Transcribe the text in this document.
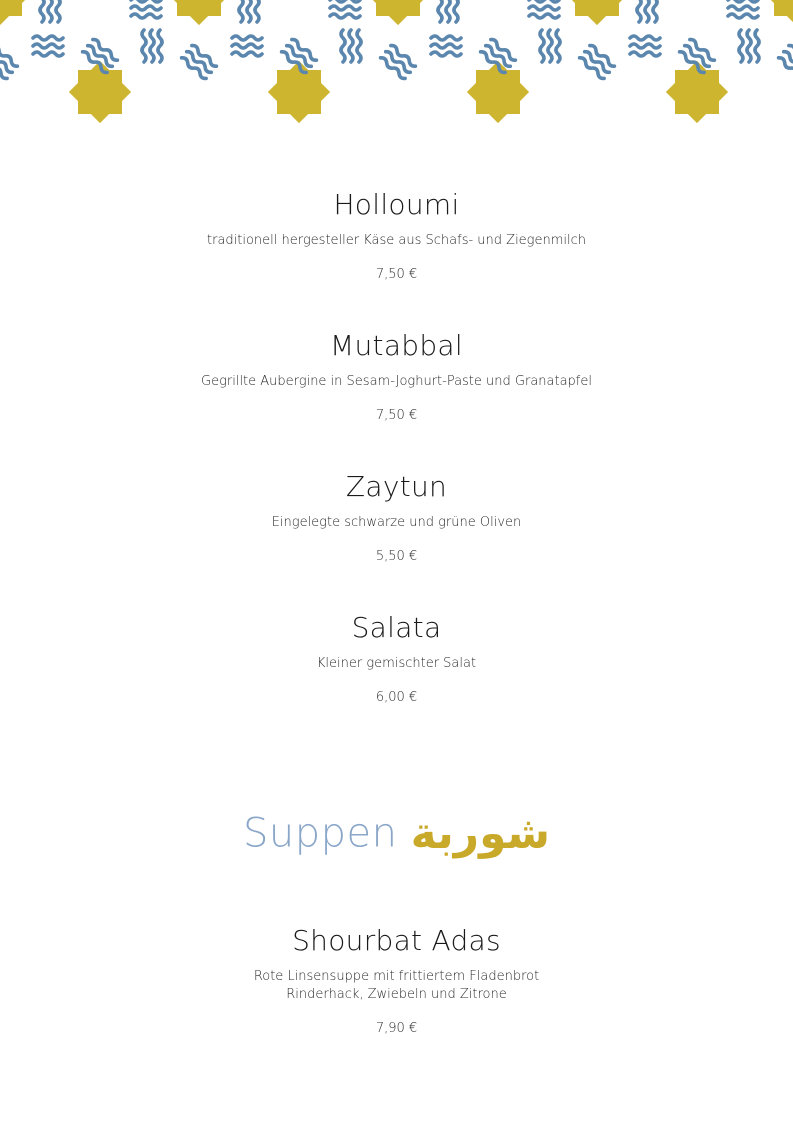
Holloumi
traditionell hergesteller Käse aus Schafs- und Ziegenmilch
7,50 €
Mutabbal
Gegrillte Aubergine in Sesam-Joghurt-Paste und Granatapfel
7,50 €
Zaytun
Eingelegte schwarze und grüne Oliven
5,50 €
Salata
Kleiner gemischter Salat
6,00 €
Suppen شوربة
Shourbat Adas
Rote Linsensuppe mit frittiertem Fladenbrot
Rinderhack, Zwiebeln und Zitrone
7,90 €
